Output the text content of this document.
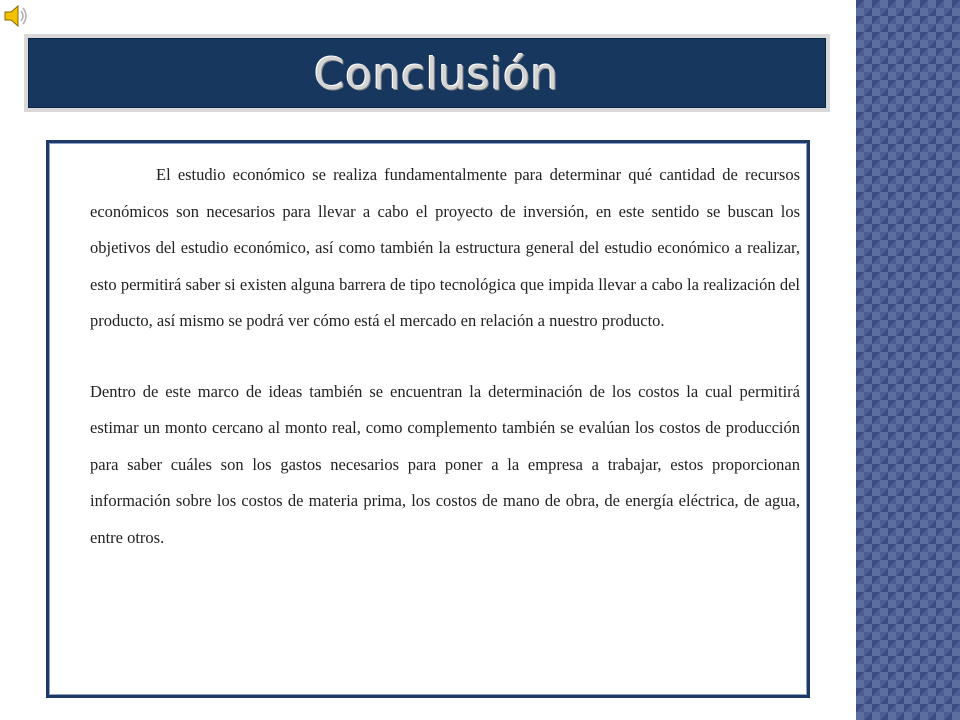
Conclusión

El estudio económico se realiza fundamentalmente para determinar qué cantidad de recursos económicos son necesarios para llevar a cabo el proyecto de inversión, en este sentido se buscan los objetivos del estudio económico, así como también la estructura general del estudio económico a realizar, esto permitirá saber si existen alguna barrera de tipo tecnológica que impida llevar a cabo la realización del producto, así mismo se podrá ver cómo está el mercado en relación a nuestro producto.

Dentro de este marco de ideas también se encuentran la determinación de los costos la cual permitirá estimar un monto cercano al monto real, como complemento también se evalúan los costos de producción para saber cuáles son los gastos necesarios para poner a la empresa a trabajar, estos proporcionan información sobre los costos de materia prima, los costos de mano de obra, de energía eléctrica, de agua, entre otros.
